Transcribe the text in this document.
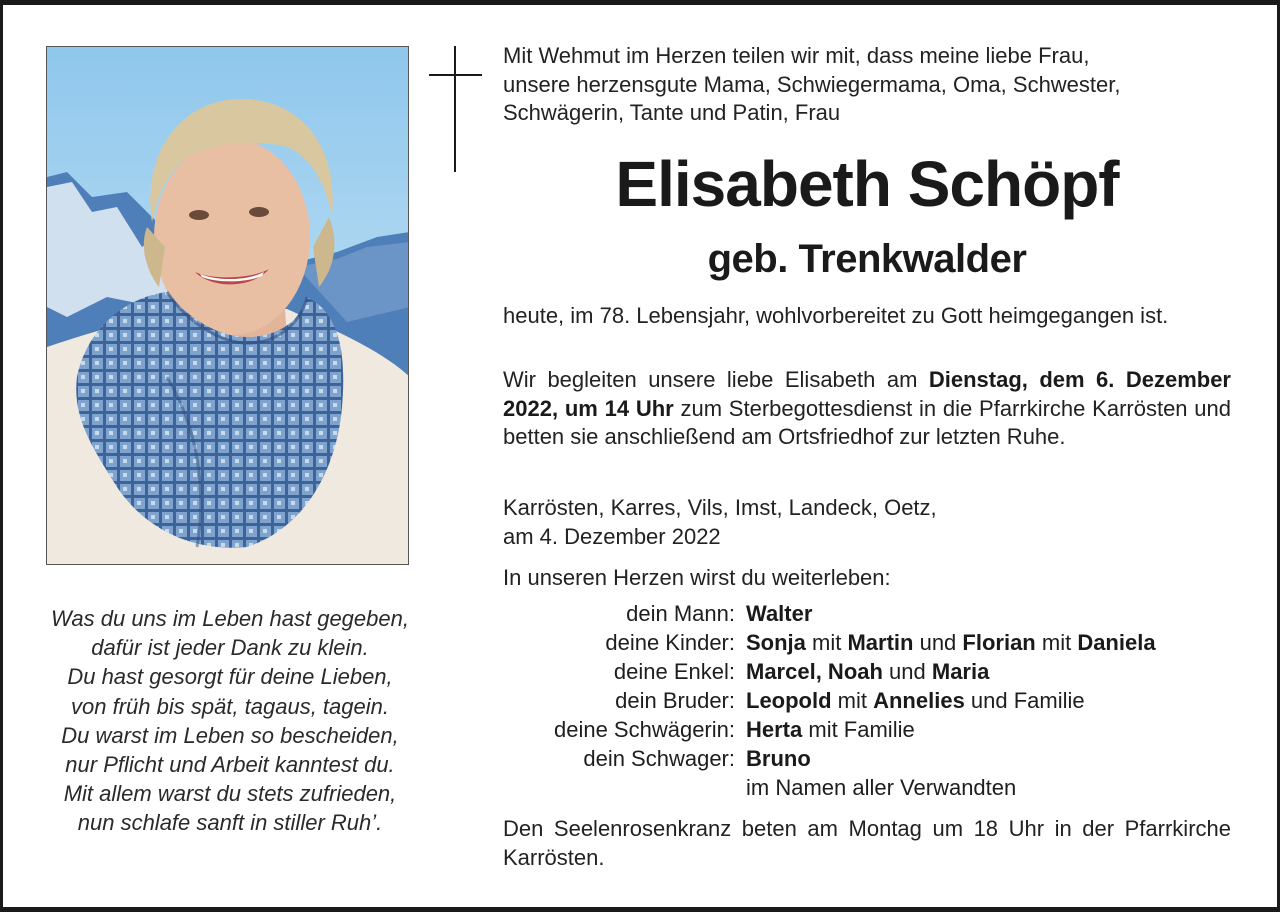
Was du uns im Leben hast gegeben,
dafür ist jeder Dank zu klein.
Du hast gesorgt für deine Lieben,
von früh bis spät, tagaus, tagein.
Du warst im Leben so bescheiden,
nur Pflicht und Arbeit kanntest du.
Mit allem warst du stets zufrieden,
nun schlafe sanft in stiller Ruh’.
Mit Wehmut im Herzen teilen wir mit, dass meine liebe Frau,
unsere herzensgute Mama, Schwiegermama, Oma, Schwester,
Schwägerin, Tante und Patin, Frau
Elisabeth Schöpf
geb. Trenkwalder
heute, im 78. Lebensjahr, wohlvorbereitet zu Gott heimgegangen ist.
Wir begleiten unsere liebe Elisabeth am Dienstag, dem 6. Dezember 2022, um 14 Uhr zum Sterbegottesdienst in die Pfarrkirche Karrösten und betten sie anschließend am Ortsfriedhof zur letzten Ruhe.
Karrösten, Karres, Vils, Imst, Landeck, Oetz,
am 4. Dezember 2022
In unseren Herzen wirst du weiterleben:
dein Mann: Walter
deine Kinder: Sonja mit Martin und Florian mit Daniela
deine Enkel: Marcel, Noah und Maria
dein Bruder: Leopold mit Annelies und Familie
deine Schwägerin: Herta mit Familie
dein Schwager: Bruno
im Namen aller Verwandten
Den Seelenrosenkranz beten am Montag um 18 Uhr in der Pfarrkirche Karrösten.
